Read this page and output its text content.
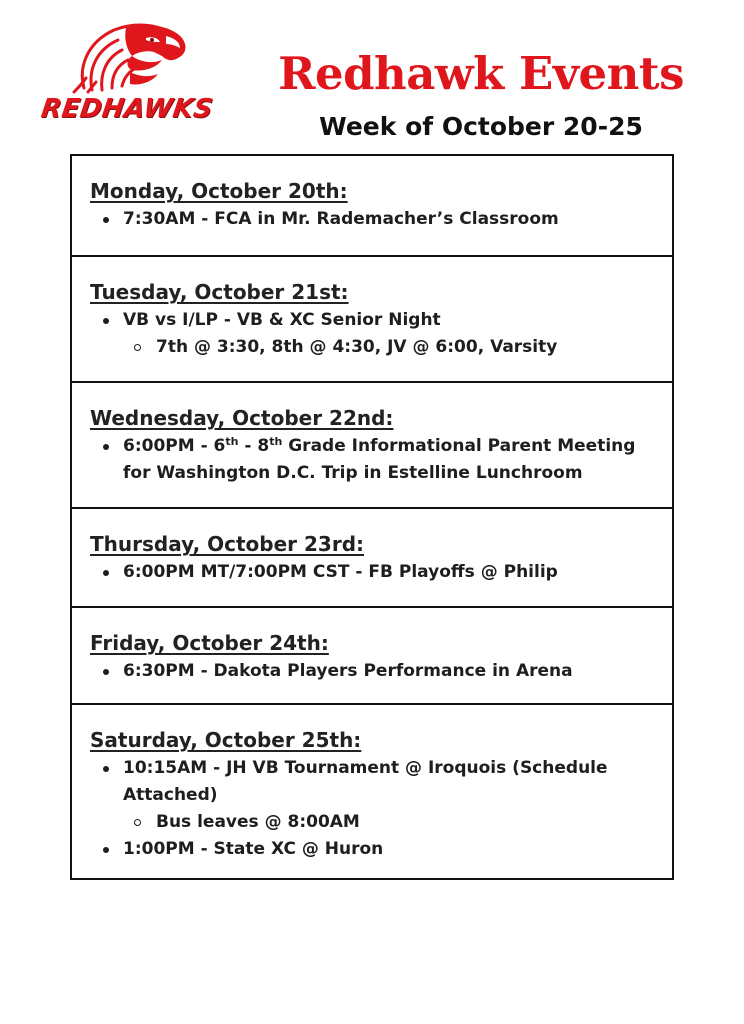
REDHAWKS
Redhawk Events
Week of October 20-25
Monday, October 20th:
7:30AM - FCA in Mr. Rademacher’s Classroom
Tuesday, October 21st:
VB vs I/LP - VB & XC Senior Night
7th @ 3:30, 8th @ 4:30, JV @ 6:00, Varsity
Wednesday, October 22nd:
6:00PM - 6th - 8th Grade Informational Parent Meeting for Washington D.C. Trip in Estelline Lunchroom
Thursday, October 23rd:
6:00PM MT/7:00PM CST - FB Playoffs @ Philip
Friday, October 24th:
6:30PM - Dakota Players Performance in Arena
Saturday, October 25th:
10:15AM - JH VB Tournament @ Iroquois (Schedule Attached)
Bus leaves @ 8:00AM
1:00PM - State XC @ Huron
